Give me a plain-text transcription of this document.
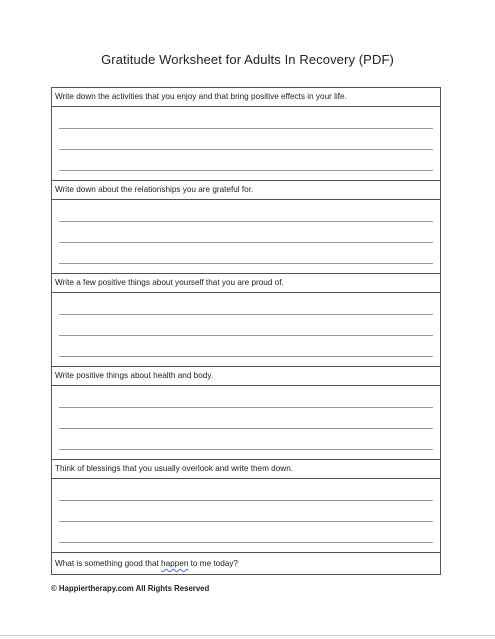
Gratitude Worksheet for Adults In Recovery (PDF)
Write down the activities that you enjoy and that bring positive effects in your life.
Write down about the relationships you are grateful for.
Write a few positive things about yourself that you are proud of.
Write positive things about health and body.
Think of blessings that you usually overlook and write them down.
What is something good that happen to me today?
© Happiertherapy.com All Rights Reserved
